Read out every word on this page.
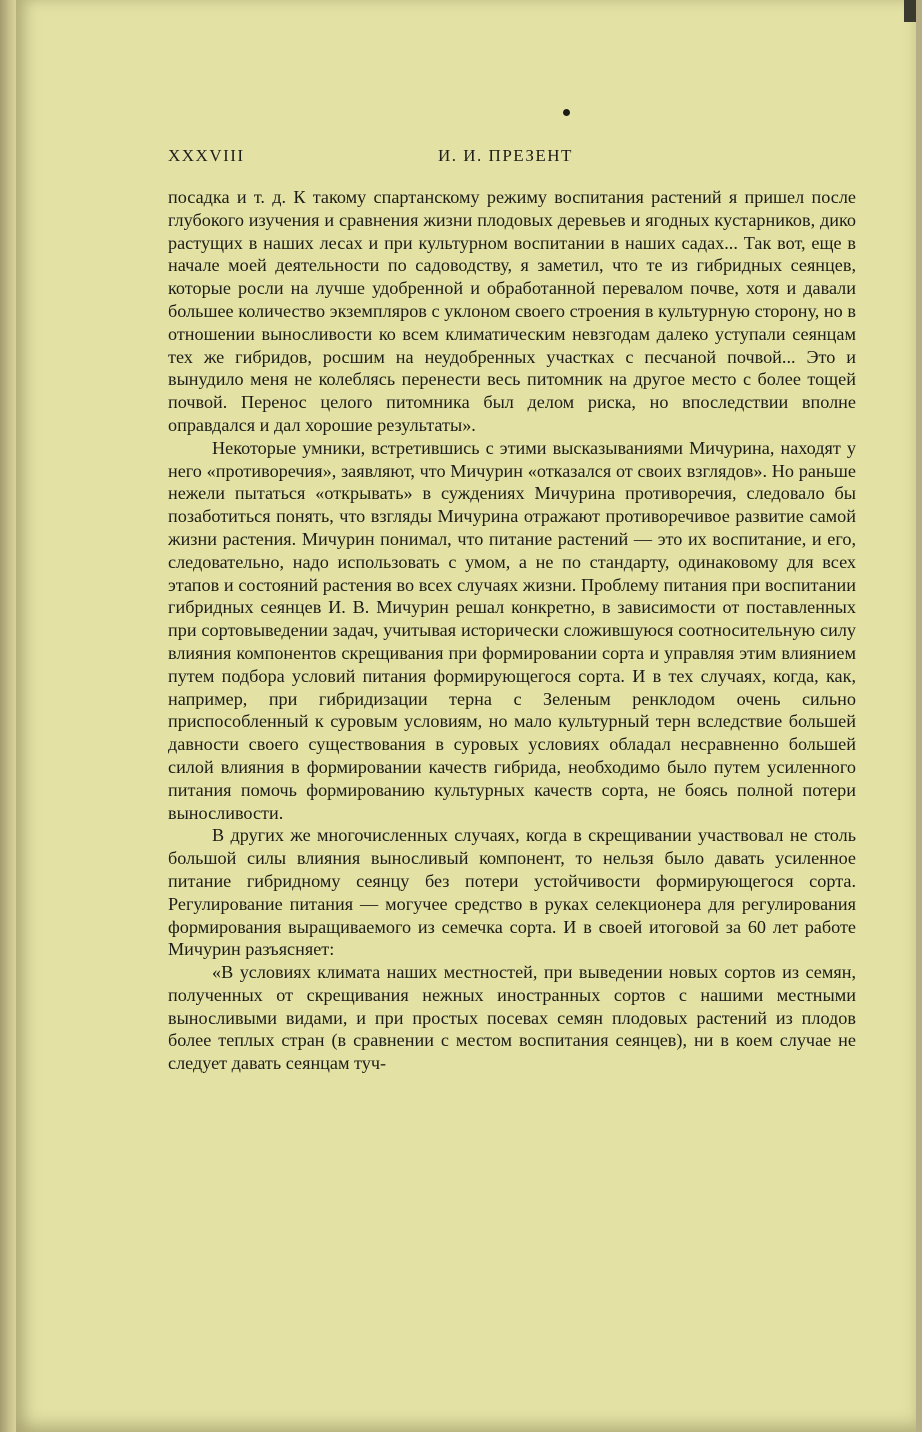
XXXVIII	И. И. ПРЕЗЕНТ

посадка и т. д. К такому спартанскому режиму воспитания растений я пришел после глубокого изучения и сравнения жизни плодовых деревьев и ягодных кустарников, дико растущих в наших лесах и при культурном воспитании в наших садах... Так вот, еще в начале моей деятельности по садоводству, я заметил, что те из гибридных сеянцев, которые росли на лучше удобренной и обработанной перевалом почве, хотя и давали большее количество экземпляров с уклоном своего строения в культурную сторону, но в отношении выносливости ко всем климатическим невзгодам далеко уступали сеянцам тех же гибридов, росшим на неудобренных участках с песчаной почвой... Это и вынудило меня не колеблясь перенести весь питомник на другое место с более тощей почвой. Перенос целого питомника был делом риска, но впоследствии вполне оправдался и дал хорошие результаты».

Некоторые умники, встретившись с этими высказываниями Мичурина, находят у него «противоречия», заявляют, что Мичурин «отказался от своих взглядов». Но раньше нежели пытаться «открывать» в суждениях Мичурина противоречия, следовало бы позаботиться понять, что взгляды Мичурина отражают противоречивое развитие самой жизни растения. Мичурин понимал, что питание растений — это их воспитание, и его, следовательно, надо использовать с умом, а не по стандарту, одинаковому для всех этапов и состояний растения во всех случаях жизни. Проблему питания при воспитании гибридных сеянцев И. В. Мичурин решал конкретно, в зависимости от поставленных при сортовыведении задач, учитывая исторически сложившуюся соотносительную силу влияния компонентов скрещивания при формировании сорта и управляя этим влиянием путем подбора условий питания формирующегося сорта. И в тех случаях, когда, как, например, при гибридизации терна с Зеленым ренклодом очень сильно приспособленный к суровым условиям, но мало культурный терн вследствие большей давности своего существования в суровых условиях обладал несравненно большей силой влияния в формировании качеств гибрида, необходимо было путем усиленного питания помочь формированию культурных качеств сорта, не боясь полной потери выносливости.

В других же многочисленных случаях, когда в скрещивании участвовал не столь большой силы влияния выносливый компонент, то нельзя было давать усиленное питание гибридному сеянцу без потери устойчивости формирующегося сорта. Регулирование питания — могучее средство в руках селекционера для регулирования формирования выращиваемого из семечка сорта. И в своей итоговой за 60 лет работе Мичурин разъясняет:

«В условиях климата наших местностей, при выведении новых сортов из семян, полученных от скрещивания нежных иностранных сортов с нашими местными выносливыми видами, и при простых посевах семян плодовых растений из плодов более теплых стран (в сравнении с местом воспитания сеянцев), ни в коем случае не следует давать сеянцам туч-
